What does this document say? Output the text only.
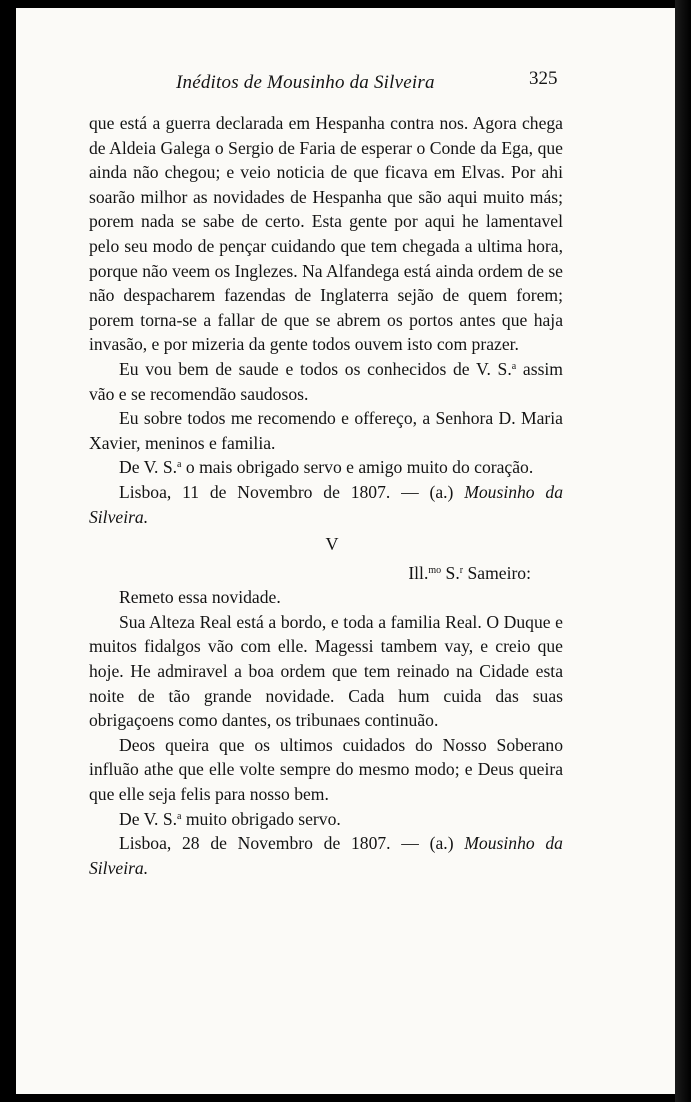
Inéditos de Mousinho da Silveira	325

que está a guerra declarada em Hespanha contra nos. Agora chega de Aldeia Galega o Sergio de Faria de esperar o Conde da Ega, que ainda não chegou; e veio noticia de que ficava em Elvas. Por ahi soarão milhor as novidades de Hespanha que são aqui muito más; porem nada se sabe de certo. Esta gente por aqui he lamentavel pelo seu modo de pençar cuidando que tem chegada a ultima hora, porque não veem os Inglezes. Na Alfandega está ainda ordem de se não despacharem fazendas de Inglaterra sejão de quem forem; porem torna-se a fallar de que se abrem os portos antes que haja invasão, e por mizeria da gente todos ouvem isto com prazer.

Eu vou bem de saude e todos os conhecidos de V. S.$^a$ assim vão e se recomendão saudosos.

Eu sobre todos me recomendo e offereço, a Senhora D. Maria Xavier, meninos e familia.

De V. S.$^a$ o mais obrigado servo e amigo muito do coração.

Lisboa, 11 de Novembro de 1807. — (a.) Mousinho da Silveira.

V

Ill.$^{mo}$ S.$^r$ Sameiro:

Remeto essa novidade.

Sua Alteza Real está a bordo, e toda a familia Real. O Duque e muitos fidalgos vão com elle. Magessi tambem vay, e creio que hoje. He admiravel a boa ordem que tem reinado na Cidade esta noite de tão grande novidade. Cada hum cuida das suas obrigaçoens como dantes, os tribunaes continuão.

Deos queira que os ultimos cuidados do Nosso Soberano influão athe que elle volte sempre do mesmo modo; e Deus queira que elle seja felis para nosso bem.

De V. S.$^a$ muito obrigado servo.

Lisboa, 28 de Novembro de 1807. — (a.) Mousinho da Silveira.
